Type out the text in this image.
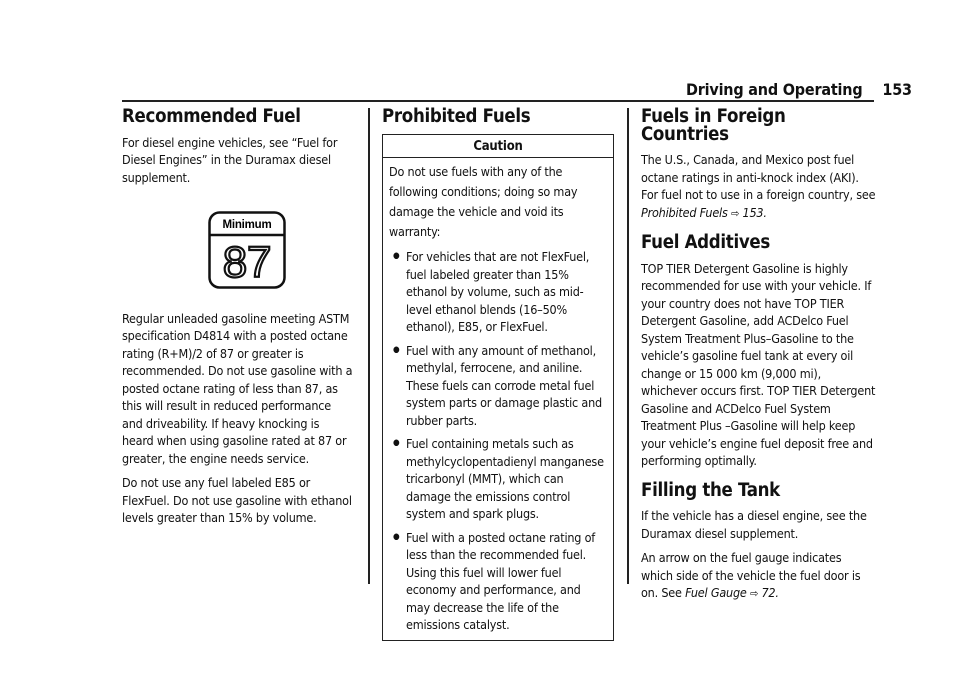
Driving and Operating 153
Recommended Fuel

For diesel engine vehicles, see “Fuel for Diesel Engines” in the Duramax diesel supplement.

Minimum
87

Regular unleaded gasoline meeting ASTM specification D4814 with a posted octane rating (R+M)/2 of 87 or greater is recommended. Do not use gasoline with a posted octane rating of less than 87, as this will result in reduced performance and driveability. If heavy knocking is heard when using gasoline rated at 87 or greater, the engine needs service.

Do not use any fuel labeled E85 or FlexFuel. Do not use gasoline with ethanol levels greater than 15% by volume.

Prohibited Fuels
Caution

Do not use fuels with any of the following conditions; doing so may damage the vehicle and void its warranty:

● For vehicles that are not FlexFuel, fuel labeled greater than 15% ethanol by volume, such as mid-level ethanol blends (16–50% ethanol), E85, or FlexFuel.
● Fuel with any amount of methanol, methylal, ferrocene, and aniline. These fuels can corrode metal fuel system parts or damage plastic and rubber parts.
● Fuel containing metals such as methylcyclopentadienyl manganese tricarbonyl (MMT), which can damage the emissions control system and spark plugs.
● Fuel with a posted octane rating of less than the recommended fuel. Using this fuel will lower fuel economy and performance, and may decrease the life of the emissions catalyst.
Fuels in Foreign Countries

The U.S., Canada, and Mexico post fuel octane ratings in anti-knock index (AKI). For fuel not to use in a foreign country, see Prohibited Fuels ⇨ 153.

Fuel Additives

TOP TIER Detergent Gasoline is highly recommended for use with your vehicle. If your country does not have TOP TIER Detergent Gasoline, add ACDelco Fuel System Treatment Plus–Gasoline to the vehicle’s gasoline fuel tank at every oil change or 15 000 km (9,000 mi), whichever occurs first. TOP TIER Detergent Gasoline and ACDelco Fuel System Treatment Plus –Gasoline will help keep your vehicle’s engine fuel deposit free and performing optimally.

Filling the Tank

If the vehicle has a diesel engine, see the Duramax diesel supplement.

An arrow on the fuel gauge indicates which side of the vehicle the fuel door is on. See Fuel Gauge ⇨ 72.
